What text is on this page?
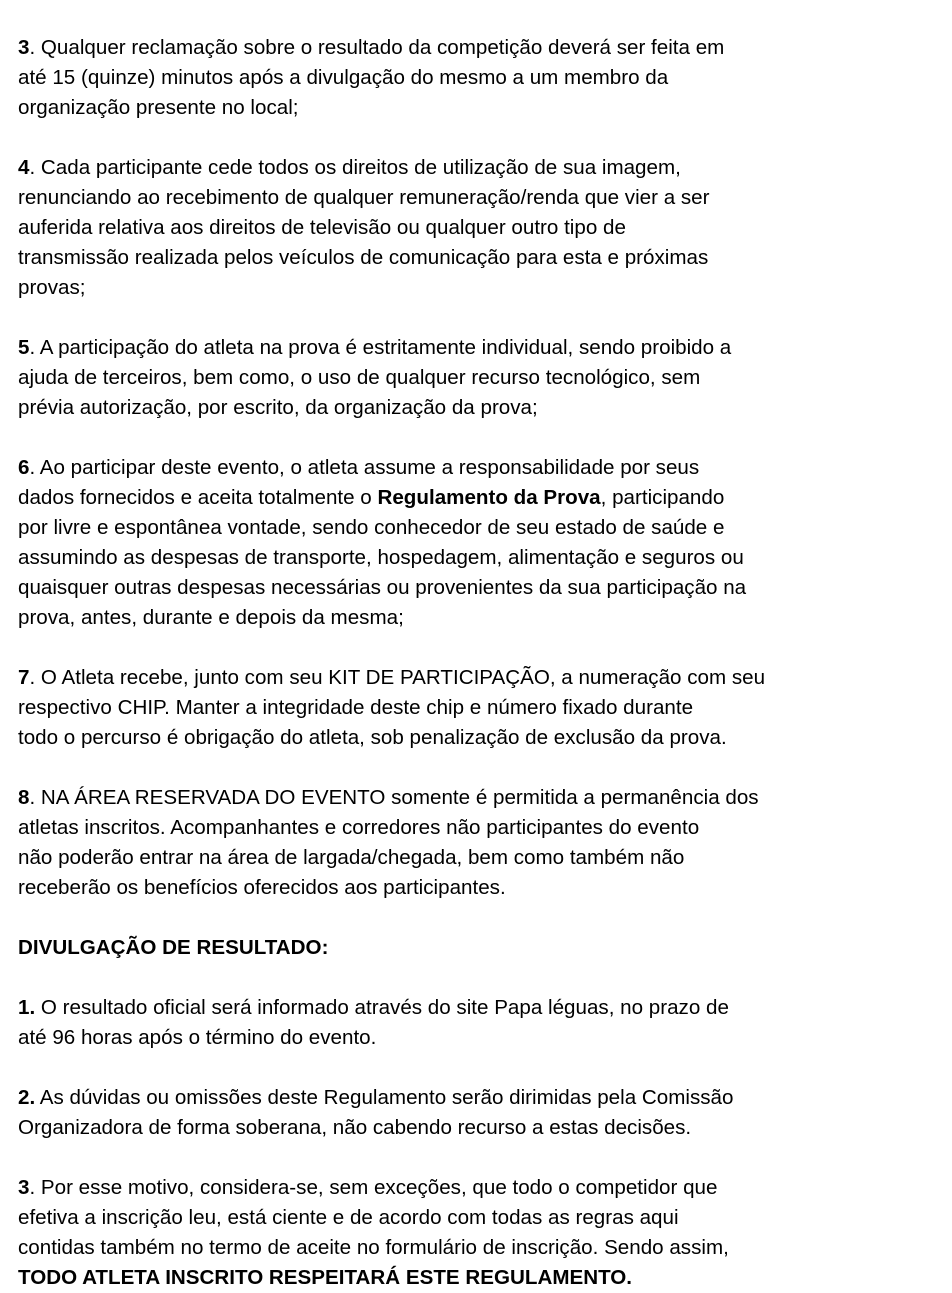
3. Qualquer reclamação sobre o resultado da competição deverá ser feita em
até 15 (quinze) minutos após a divulgação do mesmo a um membro da
organização presente no local;

4. Cada participante cede todos os direitos de utilização de sua imagem,
renunciando ao recebimento de qualquer remuneração/renda que vier a ser
auferida relativa aos direitos de televisão ou qualquer outro tipo de
transmissão realizada pelos veículos de comunicação para esta e próximas
provas;

5. A participação do atleta na prova é estritamente individual, sendo proibido a
ajuda de terceiros, bem como, o uso de qualquer recurso tecnológico, sem
prévia autorização, por escrito, da organização da prova;

6. Ao participar deste evento, o atleta assume a responsabilidade por seus
dados fornecidos e aceita totalmente o Regulamento da Prova, participando
por livre e espontânea vontade, sendo conhecedor de seu estado de saúde e
assumindo as despesas de transporte, hospedagem, alimentação e seguros ou
quaisquer outras despesas necessárias ou provenientes da sua participação na
prova, antes, durante e depois da mesma;

7. O Atleta recebe, junto com seu KIT DE PARTICIPAÇÃO, a numeração com seu
respectivo CHIP. Manter a integridade deste chip e número fixado durante
todo o percurso é obrigação do atleta, sob penalização de exclusão da prova.

8. NA ÁREA RESERVADA DO EVENTO somente é permitida a permanência dos
atletas inscritos. Acompanhantes e corredores não participantes do evento
não poderão entrar na área de largada/chegada, bem como também não
receberão os benefícios oferecidos aos participantes.

DIVULGAÇÃO DE RESULTADO:

1. O resultado oficial será informado através do site Papa léguas, no prazo de
até 96 horas após o término do evento.

2. As dúvidas ou omissões deste Regulamento serão dirimidas pela Comissão
Organizadora de forma soberana, não cabendo recurso a estas decisões.

3. Por esse motivo, considera-se, sem exceções, que todo o competidor que
efetiva a inscrição leu, está ciente e de acordo com todas as regras aqui
contidas também no termo de aceite no formulário de inscrição. Sendo assim,
TODO ATLETA INSCRITO RESPEITARÁ ESTE REGULAMENTO.
